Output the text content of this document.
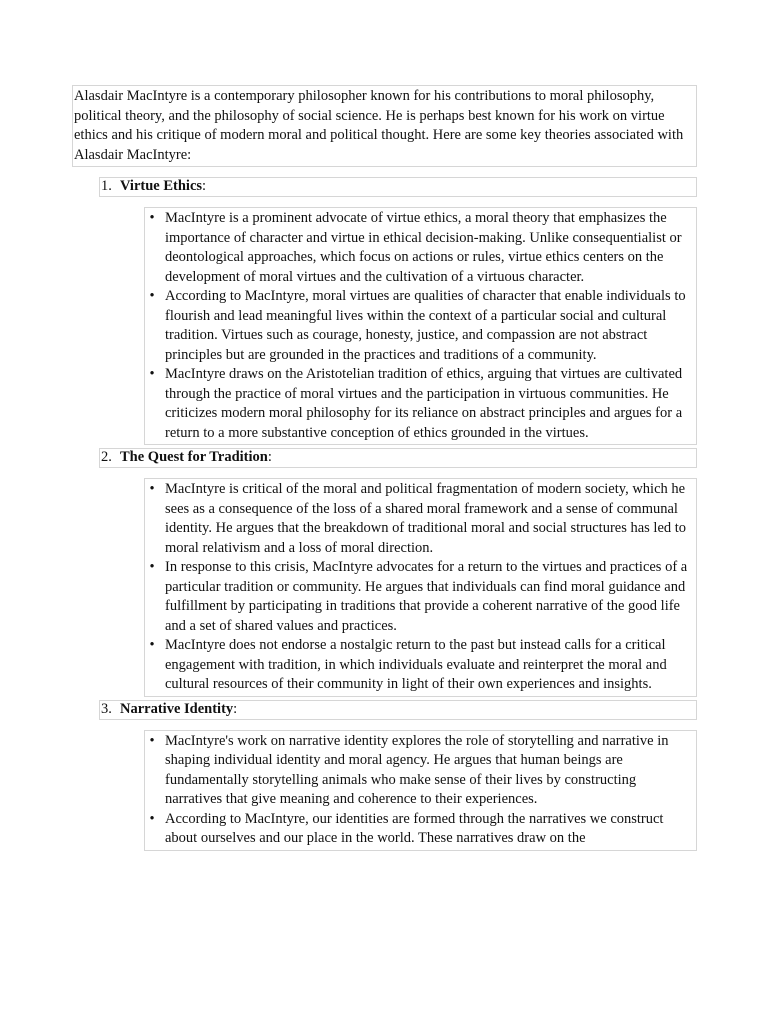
Alasdair MacIntyre is a contemporary philosopher known for his contributions to moral philosophy, political theory, and the philosophy of social science. He is perhaps best known for his work on virtue ethics and his critique of modern moral and political thought. Here are some key theories associated with Alasdair MacIntyre:
1. Virtue Ethics :
• MacIntyre is a prominent advocate of virtue ethics, a moral theory that emphasizes the importance of character and virtue in ethical decision-making. Unlike consequentialist or deontological approaches, which focus on actions or rules, virtue ethics centers on the development of moral virtues and the cultivation of a virtuous character.
• According to MacIntyre, moral virtues are qualities of character that enable individuals to flourish and lead meaningful lives within the context of a particular social and cultural tradition. Virtues such as courage, honesty, justice, and compassion are not abstract principles but are grounded in the practices and traditions of a community.
• MacIntyre draws on the Aristotelian tradition of ethics, arguing that virtues are cultivated through the practice of moral virtues and the participation in virtuous communities. He criticizes modern moral philosophy for its reliance on abstract principles and argues for a return to a more substantive conception of ethics grounded in the virtues.
2. The Quest for Tradition :
• MacIntyre is critical of the moral and political fragmentation of modern society, which he sees as a consequence of the loss of a shared moral framework and a sense of communal identity. He argues that the breakdown of traditional moral and social structures has led to moral relativism and a loss of moral direction.
• In response to this crisis, MacIntyre advocates for a return to the virtues and practices of a particular tradition or community. He argues that individuals can find moral guidance and fulfillment by participating in traditions that provide a coherent narrative of the good life and a set of shared values and practices.
• MacIntyre does not endorse a nostalgic return to the past but instead calls for a critical engagement with tradition, in which individuals evaluate and reinterpret the moral and cultural resources of their community in light of their own experiences and insights.
3. Narrative Identity :
• MacIntyre's work on narrative identity explores the role of storytelling and narrative in shaping individual identity and moral agency. He argues that human beings are fundamentally storytelling animals who make sense of their lives by constructing narratives that give meaning and coherence to their experiences.
• According to MacIntyre, our identities are formed through the narratives we construct about ourselves and our place in the world. These narratives draw on the
